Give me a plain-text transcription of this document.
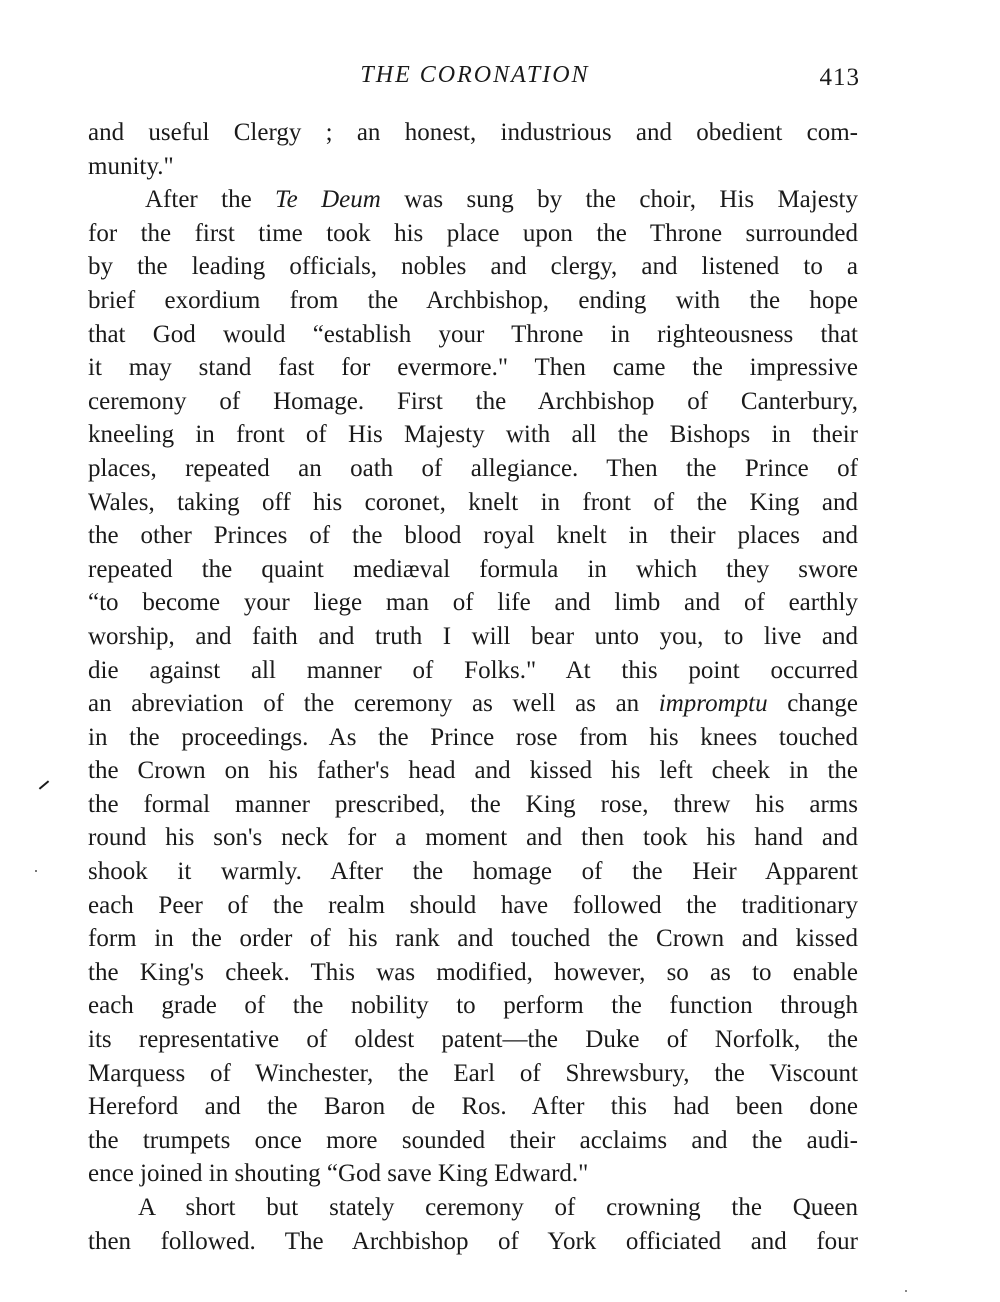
THE CORONATION	413
and useful Clergy ; an honest, industrious and obedient com-
munity."
After the Te Deum was sung by the choir, His Majesty
for the first time took his place upon the Throne surrounded
by the leading officials, nobles and clergy, and listened to a
brief exordium from the Archbishop, ending with the hope
that God would “establish your Throne in righteousness that
it may stand fast for evermore." Then came the impressive
ceremony of Homage. First the Archbishop of Canterbury,
kneeling in front of His Majesty with all the Bishops in their
places, repeated an oath of allegiance. Then the Prince of
Wales, taking off his coronet, knelt in front of the King and
the other Princes of the blood royal knelt in their places and
repeated the quaint mediæval formula in which they swore
“to become your liege man of life and limb and of earthly
worship, and faith and truth I will bear unto you, to live and
die against all manner of Folks." At this point occurred
an abreviation of the ceremony as well as an impromptu change
in the proceedings. As the Prince rose from his knees touched
the Crown on his father's head and kissed his left cheek in the
the formal manner prescribed, the King rose, threw his arms
round his son's neck for a moment and then took his hand and
shook it warmly. After the homage of the Heir Apparent
each Peer of the realm should have followed the traditionary
form in the order of his rank and touched the Crown and kissed
the King's cheek. This was modified, however, so as to enable
each grade of the nobility to perform the function through
its representative of oldest patent—the Duke of Norfolk, the
Marquess of Winchester, the Earl of Shrewsbury, the Viscount
Hereford and the Baron de Ros. After this had been done
the trumpets once more sounded their acclaims and the audi-
ence joined in shouting “God save King Edward."
A short but stately ceremony of crowning the Queen
then followed. The Archbishop of York officiated and four
